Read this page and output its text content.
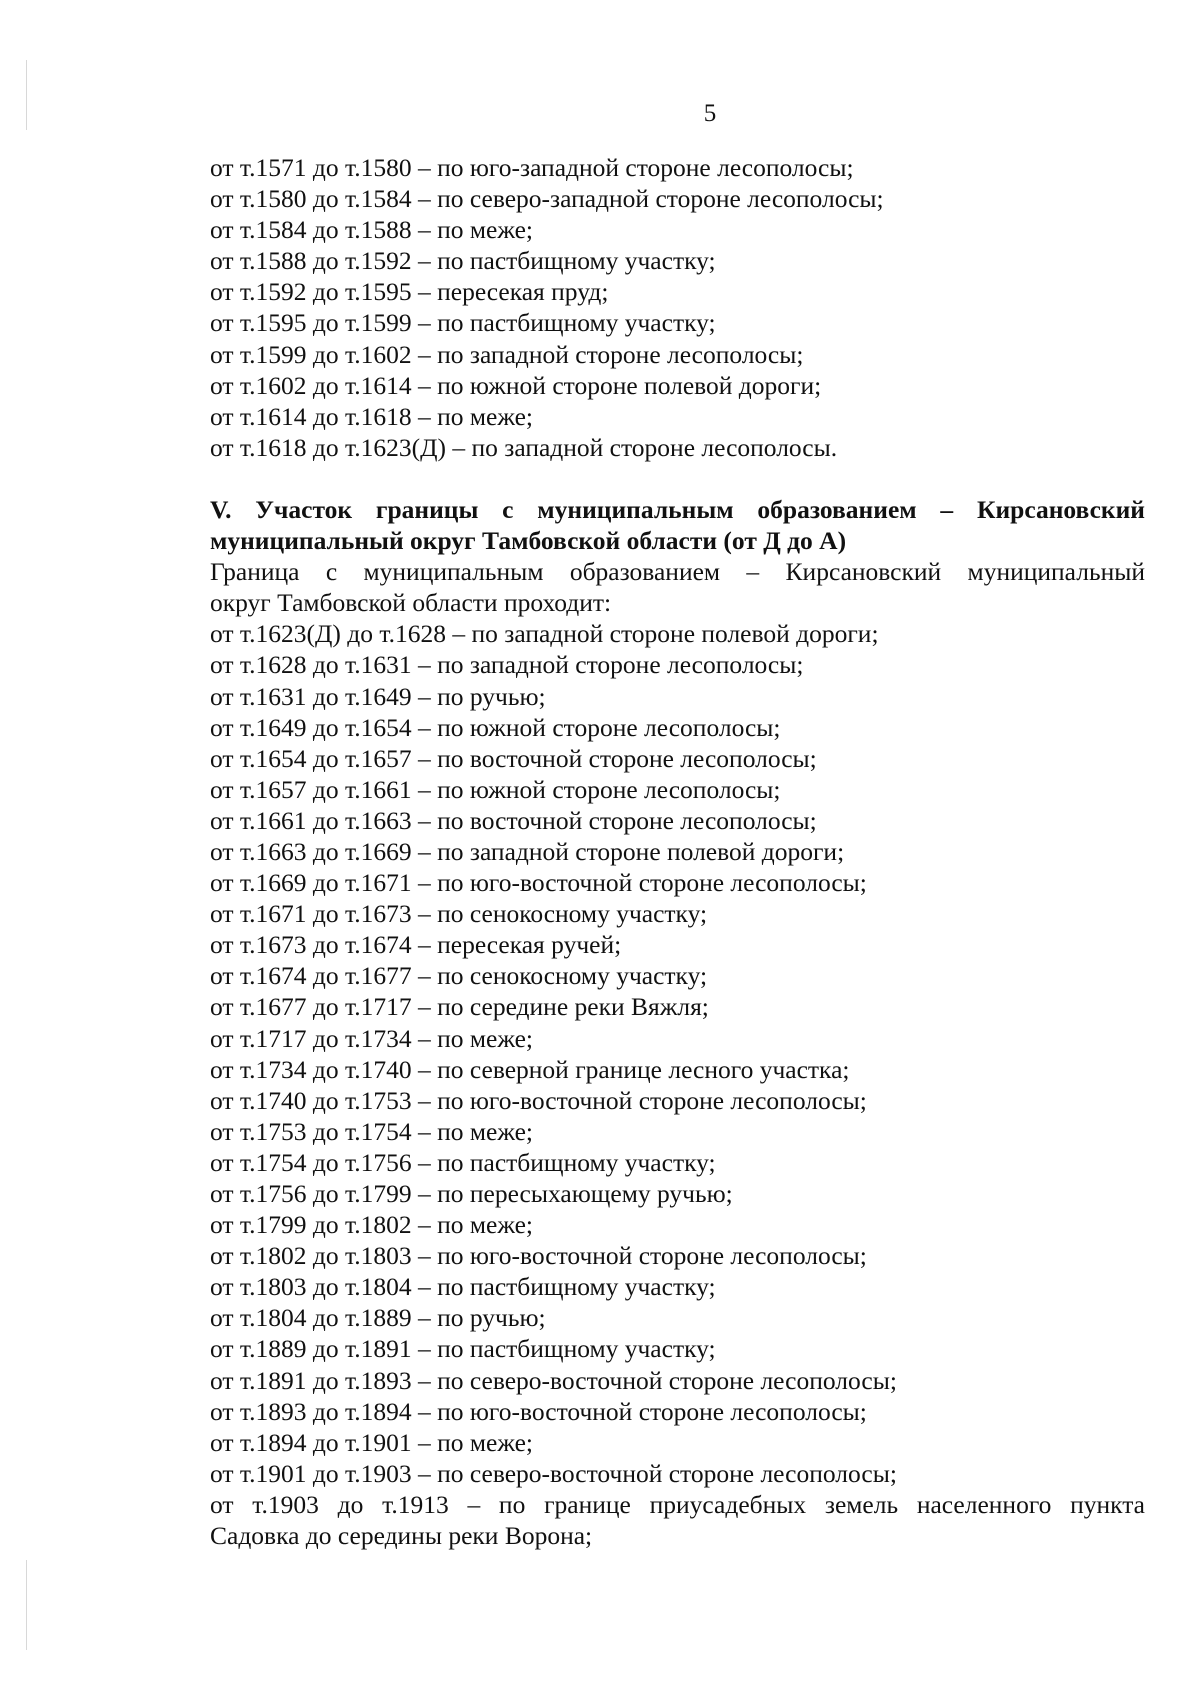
5
от т.1571 до т.1580 – по юго-западной стороне лесополосы;
от т.1580 до т.1584 – по северо-западной стороне лесополосы;
от т.1584 до т.1588 – по меже;
от т.1588 до т.1592 – по пастбищному участку;
от т.1592 до т.1595 – пересекая пруд;
от т.1595 до т.1599 – по пастбищному участку;
от т.1599 до т.1602 – по западной стороне лесополосы;
от т.1602 до т.1614 – по южной стороне полевой дороги;
от т.1614 до т.1618 – по меже;
от т.1618 до т.1623(Д) – по западной стороне лесополосы.
V. Участок границы с муниципальным образованием – Кирсановский
муниципальный округ Тамбовской области (от Д до А)
Граница с муниципальным образованием – Кирсановский муниципальный
округ Тамбовской области проходит:
от т.1623(Д) до т.1628 – по западной стороне полевой дороги;
от т.1628 до т.1631 – по западной стороне лесополосы;
от т.1631 до т.1649 – по ручью;
от т.1649 до т.1654 – по южной стороне лесополосы;
от т.1654 до т.1657 – по восточной стороне лесополосы;
от т.1657 до т.1661 – по южной стороне лесополосы;
от т.1661 до т.1663 – по восточной стороне лесополосы;
от т.1663 до т.1669 – по западной стороне полевой дороги;
от т.1669 до т.1671 – по юго-восточной стороне лесополосы;
от т.1671 до т.1673 – по сенокосному участку;
от т.1673 до т.1674 – пересекая ручей;
от т.1674 до т.1677 – по сенокосному участку;
от т.1677 до т.1717 – по середине реки Вяжля;
от т.1717 до т.1734 – по меже;
от т.1734 до т.1740 – по северной границе лесного участка;
от т.1740 до т.1753 – по юго-восточной стороне лесополосы;
от т.1753 до т.1754 – по меже;
от т.1754 до т.1756 – по пастбищному участку;
от т.1756 до т.1799 – по пересыхающему ручью;
от т.1799 до т.1802 – по меже;
от т.1802 до т.1803 – по юго-восточной стороне лесополосы;
от т.1803 до т.1804 – по пастбищному участку;
от т.1804 до т.1889 – по ручью;
от т.1889 до т.1891 – по пастбищному участку;
от т.1891 до т.1893 – по северо-восточной стороне лесополосы;
от т.1893 до т.1894 – по юго-восточной стороне лесополосы;
от т.1894 до т.1901 – по меже;
от т.1901 до т.1903 – по северо-восточной стороне лесополосы;
от т.1903 до т.1913 – по границе приусадебных земель населенного пункта
Садовка до середины реки Ворона;
